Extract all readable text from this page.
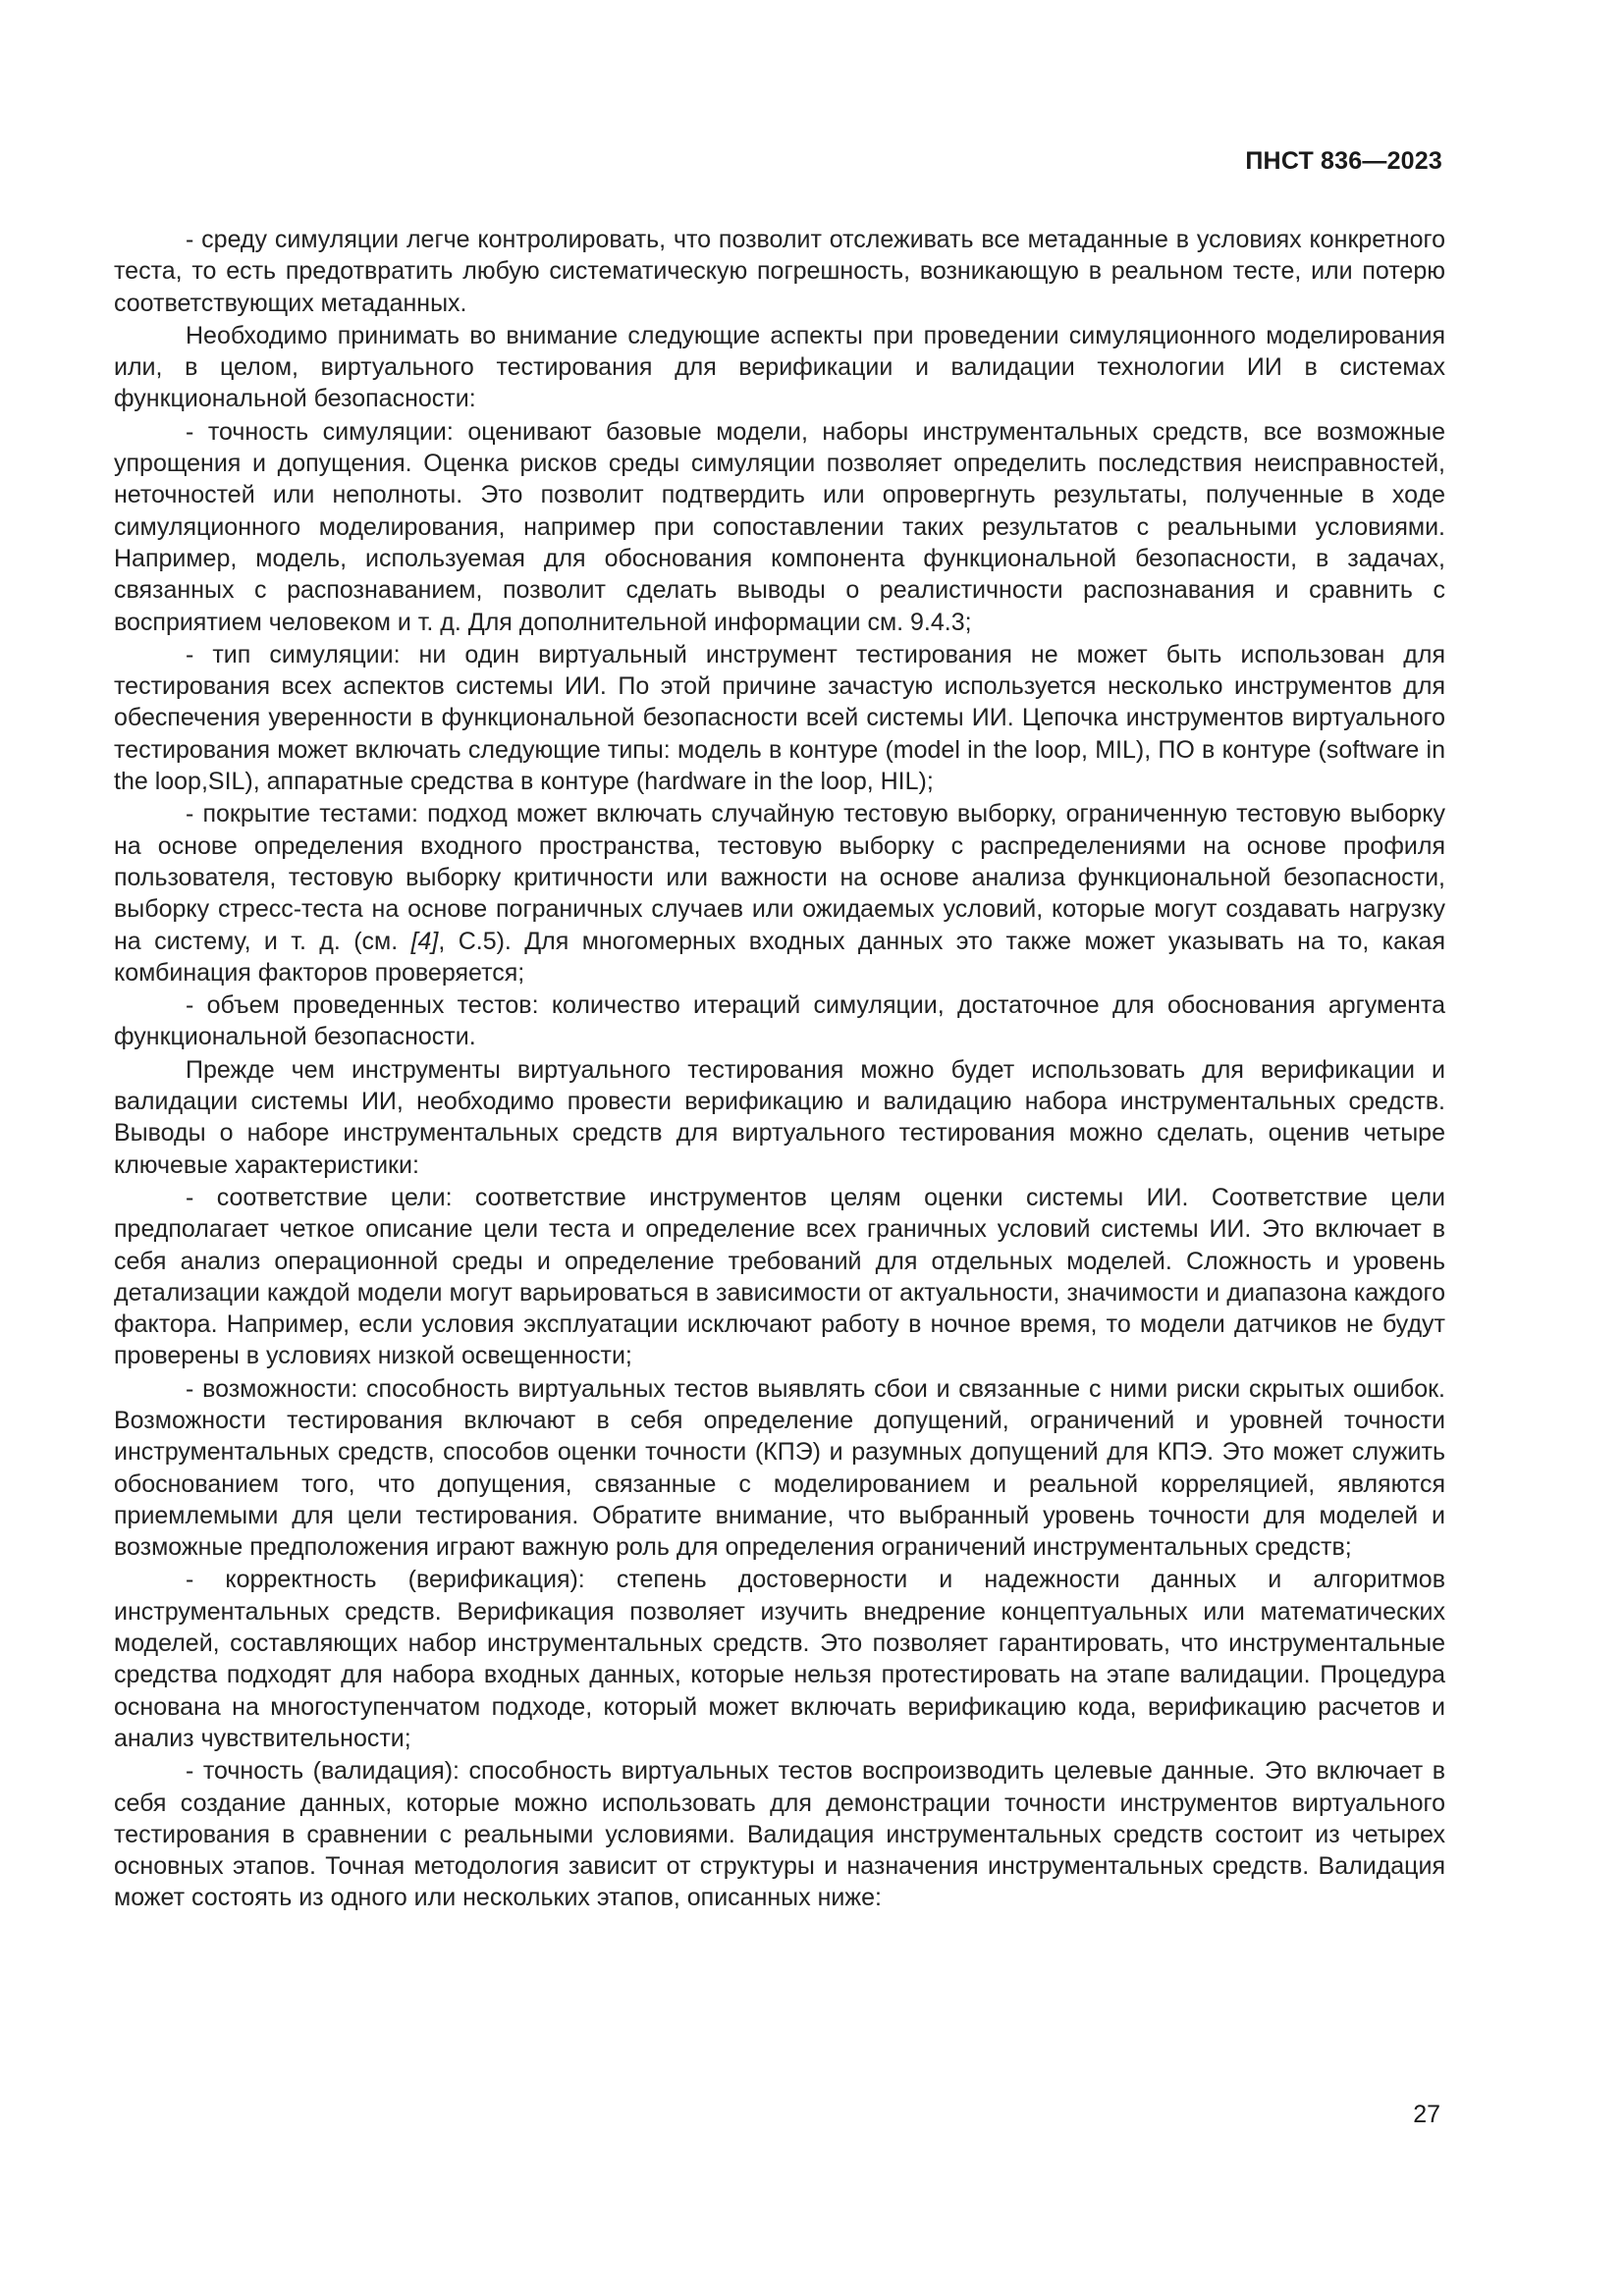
ПНСТ 836—2023

- среду симуляции легче контролировать, что позволит отслеживать все метаданные в условиях конкретного теста, то есть предотвратить любую систематическую погрешность, возникающую в реальном тесте, или потерю соответствующих метаданных.

Необходимо принимать во внимание следующие аспекты при проведении симуляционного моделирования или, в целом, виртуального тестирования для верификации и валидации технологии ИИ в системах функциональной безопасности:

- точность симуляции: оценивают базовые модели, наборы инструментальных средств, все возможные упрощения и допущения. Оценка рисков среды симуляции позволяет определить последствия неисправностей, неточностей или неполноты. Это позволит подтвердить или опровергнуть результаты, полученные в ходе симуляционного моделирования, например при сопоставлении таких результатов с реальными условиями. Например, модель, используемая для обоснования компонента функциональной безопасности, в задачах, связанных с распознаванием, позволит сделать выводы о реалистичности распознавания и сравнить с восприятием человеком и т. д. Для дополнительной информации см. 9.4.3;

- тип симуляции: ни один виртуальный инструмент тестирования не может быть использован для тестирования всех аспектов системы ИИ. По этой причине зачастую используется несколько инструментов для обеспечения уверенности в функциональной безопасности всей системы ИИ. Цепочка инструментов виртуального тестирования может включать следующие типы: модель в контуре (model in the loop, MIL), ПО в контуре (software in the loop,SIL), аппаратные средства в контуре (hardware in the loop, HIL);

- покрытие тестами: подход может включать случайную тестовую выборку, ограниченную тестовую выборку на основе определения входного пространства, тестовую выборку с распределениями на основе профиля пользователя, тестовую выборку критичности или важности на основе анализа функциональной безопасности, выборку стресс-теста на основе пограничных случаев или ожидаемых условий, которые могут создавать нагрузку на систему, и т. д. (см. [4], С.5). Для многомерных входных данных это также может указывать на то, какая комбинация факторов проверяется;

- объем проведенных тестов: количество итераций симуляции, достаточное для обоснования аргумента функциональной безопасности.

Прежде чем инструменты виртуального тестирования можно будет использовать для верификации и валидации системы ИИ, необходимо провести верификацию и валидацию набора инструментальных средств. Выводы о наборе инструментальных средств для виртуального тестирования можно сделать, оценив четыре ключевые характеристики:

- соответствие цели: соответствие инструментов целям оценки системы ИИ. Соответствие цели предполагает четкое описание цели теста и определение всех граничных условий системы ИИ. Это включает в себя анализ операционной среды и определение требований для отдельных моделей. Сложность и уровень детализации каждой модели могут варьироваться в зависимости от актуальности, значимости и диапазона каждого фактора. Например, если условия эксплуатации исключают работу в ночное время, то модели датчиков не будут проверены в условиях низкой освещенности;

- возможности: способность виртуальных тестов выявлять сбои и связанные с ними риски скрытых ошибок. Возможности тестирования включают в себя определение допущений, ограничений и уровней точности инструментальных средств, способов оценки точности (КПЭ) и разумных допущений для КПЭ. Это может служить обоснованием того, что допущения, связанные с моделированием и реальной корреляцией, являются приемлемыми для цели тестирования. Обратите внимание, что выбранный уровень точности для моделей и возможные предположения играют важную роль для определения ограничений инструментальных средств;

- корректность (верификация): степень достоверности и надежности данных и алгоритмов инструментальных средств. Верификация позволяет изучить внедрение концептуальных или математических моделей, составляющих набор инструментальных средств. Это позволяет гарантировать, что инструментальные средства подходят для набора входных данных, которые нельзя протестировать на этапе валидации. Процедура основана на многоступенчатом подходе, который может включать верификацию кода, верификацию расчетов и анализ чувствительности;

- точность (валидация): способность виртуальных тестов воспроизводить целевые данные. Это включает в себя создание данных, которые можно использовать для демонстрации точности инструментов виртуального тестирования в сравнении с реальными условиями. Валидация инструментальных средств состоит из четырех основных этапов. Точная методология зависит от структуры и назначения инструментальных средств. Валидация может состоять из одного или нескольких этапов, описанных ниже:

27
